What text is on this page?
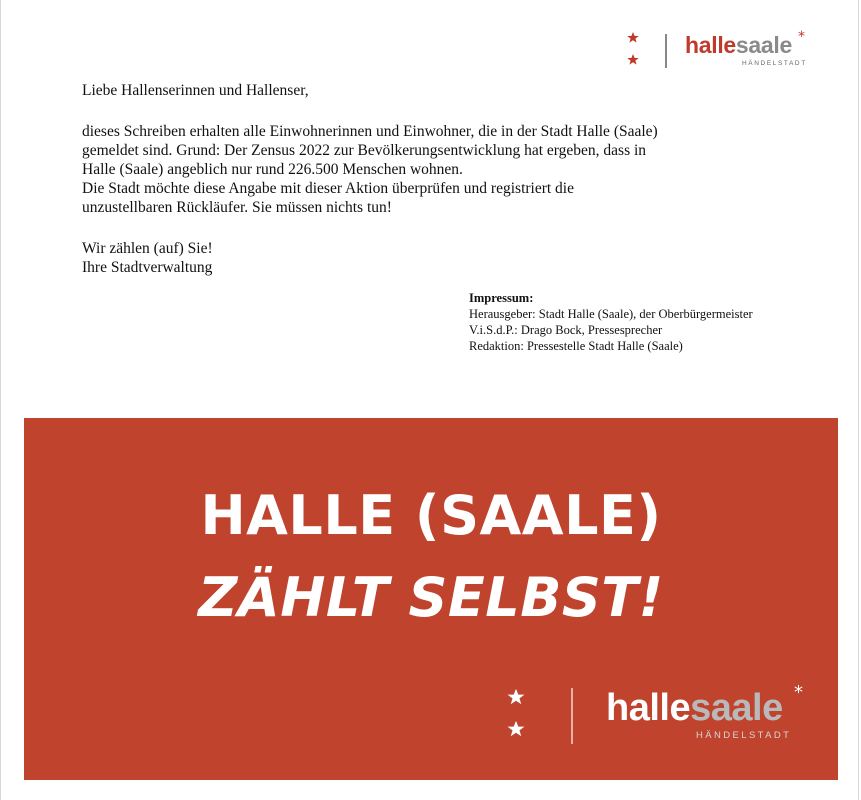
hallesaale *
HÄNDELSTADT

Liebe Hallenserinnen und Hallenser,

dieses Schreiben erhalten alle Einwohnerinnen und Einwohner, die in der Stadt Halle (Saale)

gemeldet sind. Grund: Der Zensus 2022 zur Bevölkerungsentwicklung hat ergeben, dass in

Halle (Saale) angeblich nur rund 226.500 Menschen wohnen.

Die Stadt möchte diese Angabe mit dieser Aktion überprüfen und registriert die

unzustellbaren Rückläufer. Sie müssen nichts tun!

Wir zählen (auf) Sie!

Ihre Stadtverwaltung

Impressum:

Herausgeber: Stadt Halle (Saale), der Oberbürgermeister

V.i.S.d.P.: Drago Bock, Pressesprecher

Redaktion: Pressestelle Stadt Halle (Saale)

HALLE (SAALE)
ZÄHLT SELBST!
hallesaale *
HÄNDELSTADT
